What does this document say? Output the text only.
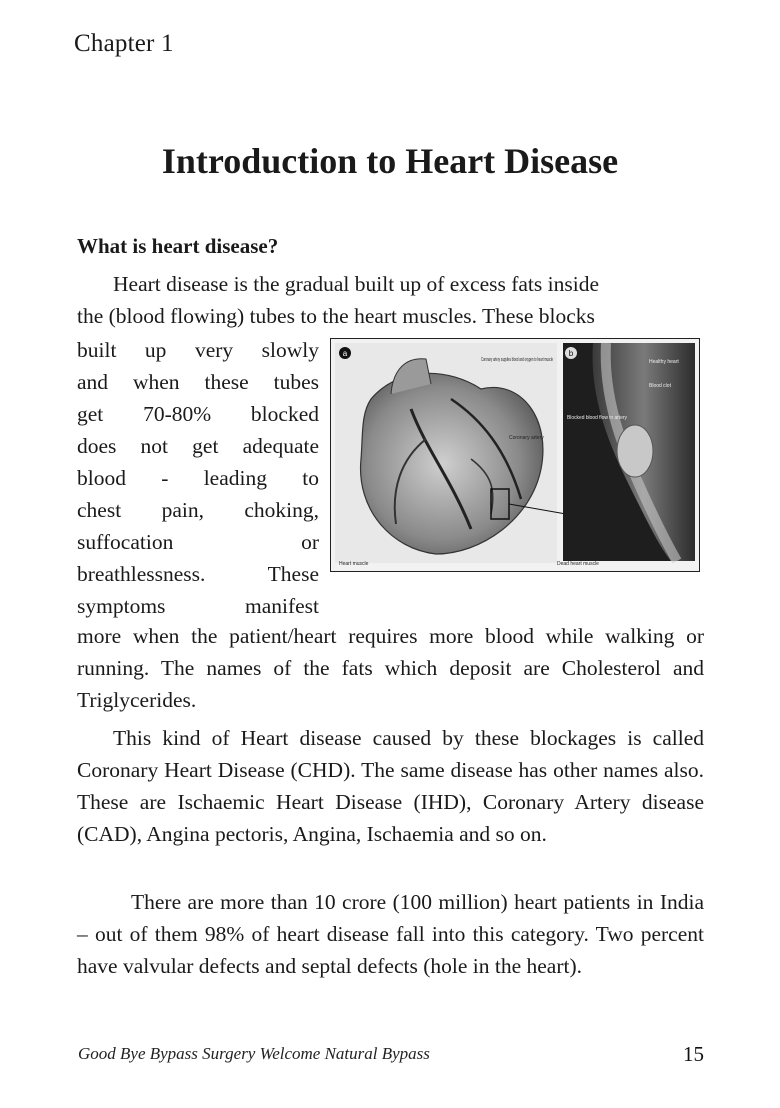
Chapter 1
Introduction to Heart Disease
What is heart disease?
Heart disease is the gradual built up of excess fats inside
the (blood flowing) tubes to the heart muscles. These blocks
built up very slowly
and when these tubes
get 70-80% blocked
does not get adequate
blood - leading to
chest pain, choking,
suffocation or
breathlessness. These
symptoms manifest
a
Coronary artery supplies blood and oxygen to heart muscle
Coronary artery
Heart muscle	Dead heart muscle
b
Healthy heart
Blood clot
Blocked blood flow in artery

more when the patient/heart requires more blood while walking or running. The names of the fats which deposit are Cholesterol and Triglycerides.

This kind of Heart disease caused by these blockages is called Coronary Heart Disease (CHD). The same disease has other names also. These are Ischaemic Heart Disease (IHD), Coronary Artery disease (CAD), Angina pectoris, Angina, Ischaemia and so on.

There are more than 10 crore (100 million) heart patients in India – out of them 98% of heart disease fall into this category. Two percent have valvular defects and septal defects (hole in the heart).

Good Bye Bypass Surgery Welcome Natural Bypass	15
